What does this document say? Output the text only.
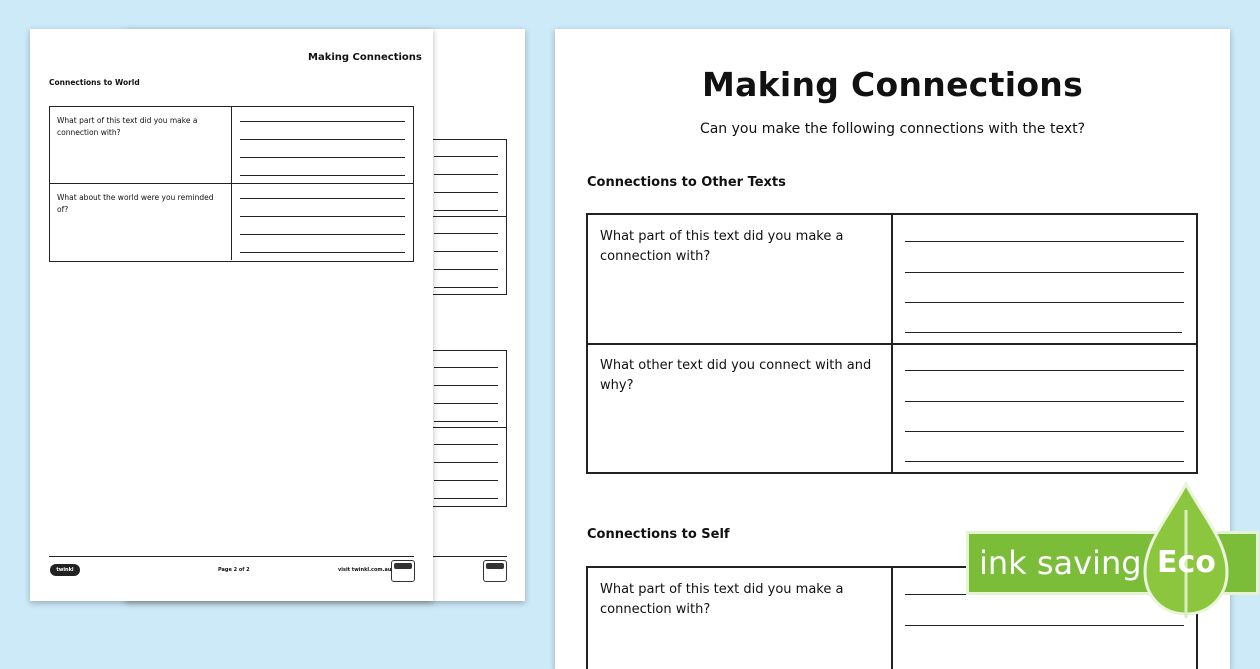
Making Connections
Connections to World
What part of this text did you make a connection with?
What about the world were you reminded of?
twinkl	Page 2 of 2	visit twinkl.com.au
Making Connections
Can you make the following connections with the text?
Connections to Other Texts
What part of this text did you make a connection with?
What other text did you connect with and why?
Connections to Self
What part of this text did you make a connection with?
ink saving Eco
